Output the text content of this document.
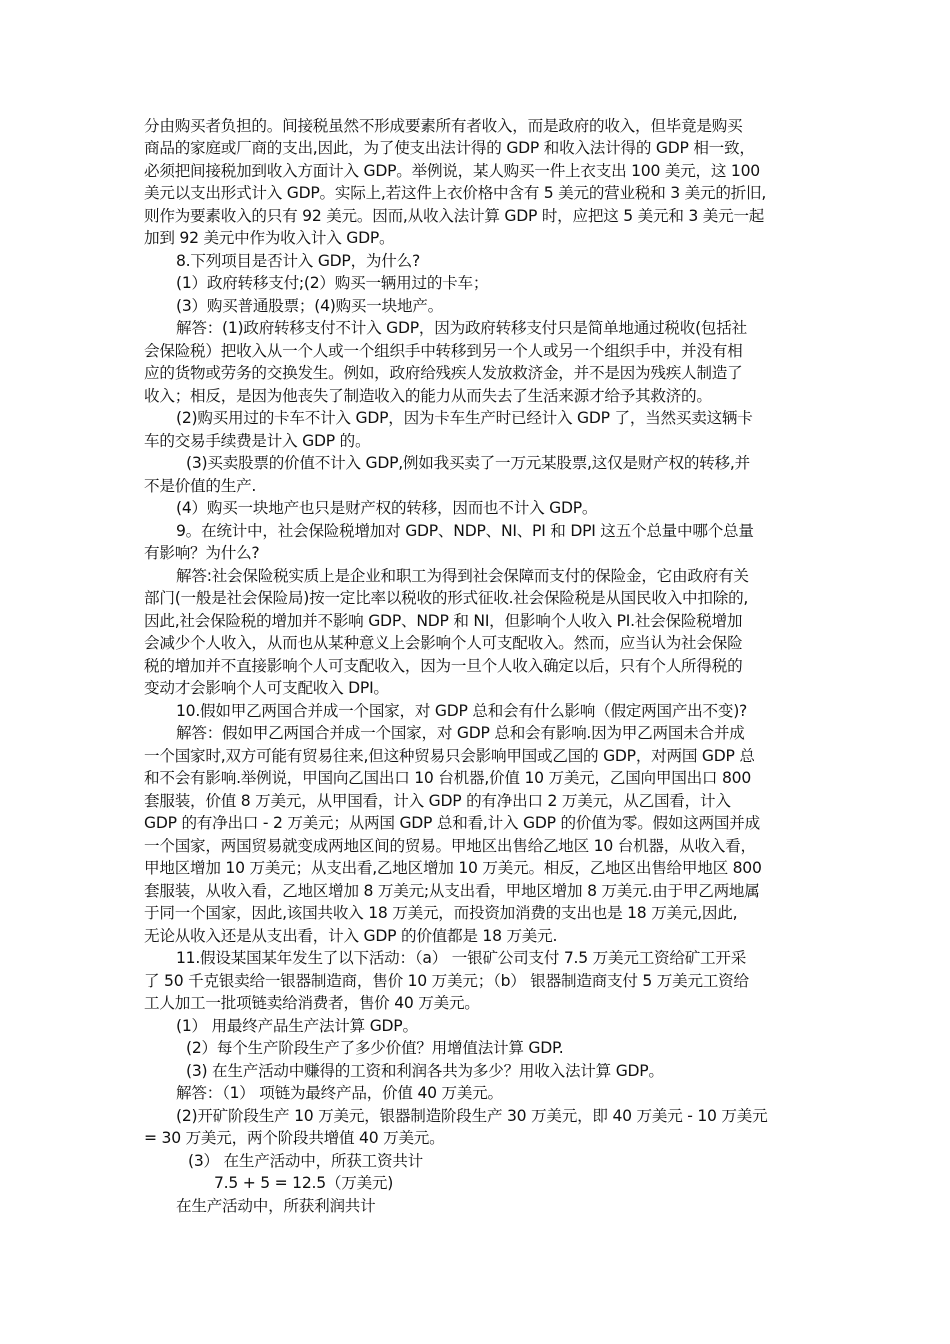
分由购买者负担的。间接税虽然不形成要素所有者收入，而是政府的收入，但毕竟是购买
商品的家庭或厂商的支出,因此，为了使支出法计得的 GDP 和收入法计得的 GDP 相一致，
必须把间接税加到收入方面计入 GDP。举例说，某人购买一件上衣支出 100 美元，这 100
美元以支出形式计入 GDP。实际上,若这件上衣价格中含有 5 美元的营业税和 3 美元的折旧,
则作为要素收入的只有 92 美元。因而,从收入法计算 GDP 时，应把这 5 美元和 3 美元一起
加到 92 美元中作为收入计入 GDP。
8.下列项目是否计入 GDP，为什么?
(1）政府转移支付;(2）购买一辆用过的卡车；
(3）购买普通股票；(4)购买一块地产。
解答：(1)政府转移支付不计入 GDP，因为政府转移支付只是简单地通过税收(包括社
会保险税）把收入从一个人或一个组织手中转移到另一个人或另一个组织手中，并没有相
应的货物或劳务的交换发生。例如，政府给残疾人发放救济金，并不是因为残疾人制造了
收入；相反，是因为他丧失了制造收入的能力从而失去了生活来源才给予其救济的。
(2)购买用过的卡车不计入 GDP，因为卡车生产时已经计入 GDP 了，当然买卖这辆卡
车的交易手续费是计入 GDP 的。
(3)买卖股票的价值不计入 GDP,例如我买卖了一万元某股票,这仅是财产权的转移,并
不是价值的生产.
(4）购买一块地产也只是财产权的转移，因而也不计入 GDP。
9。在统计中，社会保险税增加对 GDP、NDP、NI、PI 和 DPI 这五个总量中哪个总量
有影响？为什么?
解答:社会保险税实质上是企业和职工为得到社会保障而支付的保险金，它由政府有关
部门(一般是社会保险局)按一定比率以税收的形式征收.社会保险税是从国民收入中扣除的,
因此,社会保险税的增加并不影响 GDP、NDP 和 NI，但影响个人收入 PI.社会保险税增加
会减少个人收入，从而也从某种意义上会影响个人可支配收入。然而，应当认为社会保险
税的增加并不直接影响个人可支配收入，因为一旦个人收入确定以后，只有个人所得税的
变动才会影响个人可支配收入 DPI。
10.假如甲乙两国合并成一个国家，对 GDP 总和会有什么影响（假定两国产出不变)?
解答：假如甲乙两国合并成一个国家，对 GDP 总和会有影响.因为甲乙两国未合并成
一个国家时,双方可能有贸易往来,但这种贸易只会影响甲国或乙国的 GDP，对两国 GDP 总
和不会有影响.举例说，甲国向乙国出口 10 台机器,价值 10 万美元，乙国向甲国出口 800
套服装，价值 8 万美元，从甲国看，计入 GDP 的有净出口 2 万美元，从乙国看，计入
GDP 的有净出口 - 2 万美元；从两国 GDP 总和看,计入 GDP 的价值为零。假如这两国并成
一个国家，两国贸易就变成两地区间的贸易。甲地区出售给乙地区 10 台机器，从收入看，
甲地区增加 10 万美元；从支出看,乙地区增加 10 万美元。相反，乙地区出售给甲地区 800
套服装，从收入看，乙地区增加 8 万美元;从支出看，甲地区增加 8 万美元.由于甲乙两地属
于同一个国家，因此,该国共收入 18 万美元，而投资加消费的支出也是 18 万美元,因此,
无论从收入还是从支出看，计入 GDP 的价值都是 18 万美元.
11.假设某国某年发生了以下活动：（a） 一银矿公司支付 7.5 万美元工资给矿工开采
了 50 千克银卖给一银器制造商，售价 10 万美元；（b） 银器制造商支付 5 万美元工资给
工人加工一批项链卖给消费者，售价 40 万美元。
(1） 用最终产品生产法计算 GDP。
(2）每个生产阶段生产了多少价值？用增值法计算 GDP.
(3) 在生产活动中赚得的工资和利润各共为多少？用收入法计算 GDP。
解答：（1） 项链为最终产品，价值 40 万美元。
(2)开矿阶段生产 10 万美元，银器制造阶段生产 30 万美元，即 40 万美元 - 10 万美元
= 30 万美元，两个阶段共增值 40 万美元。
(3） 在生产活动中，所获工资共计
7.5 + 5 = 12.5（万美元)
在生产活动中，所获利润共计
